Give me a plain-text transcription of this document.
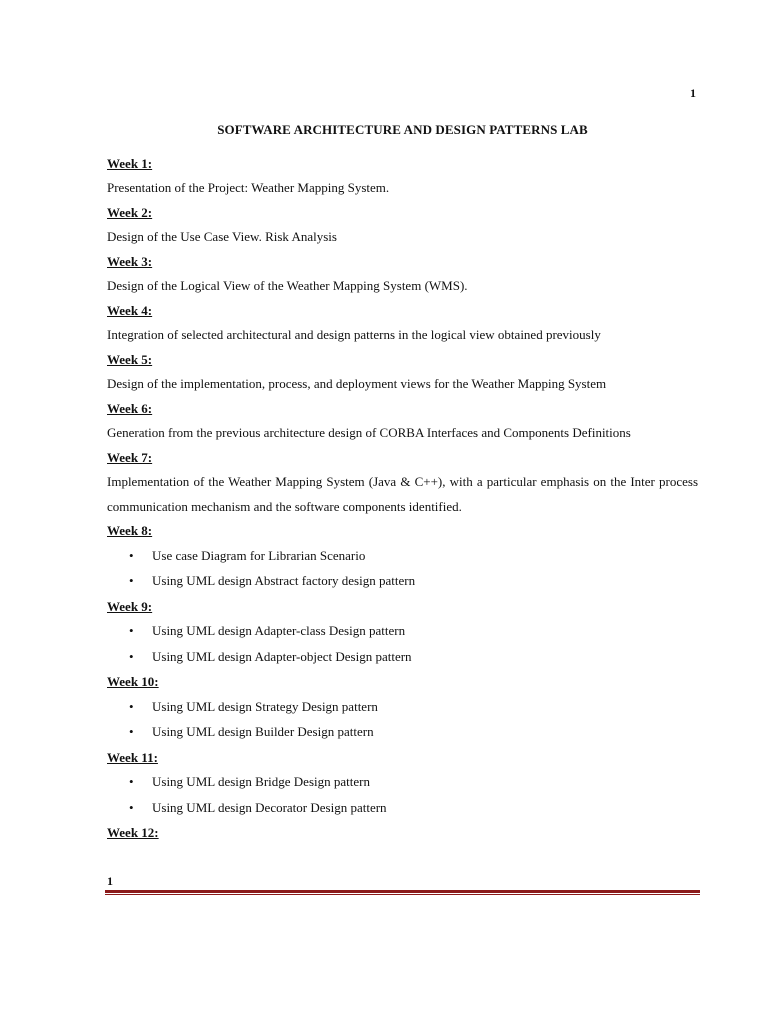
1
SOFTWARE ARCHITECTURE AND DESIGN PATTERNS LAB
Week 1:
Presentation of the Project: Weather Mapping System.
Week 2:
Design of the Use Case View. Risk Analysis
Week 3:
Design of the Logical View of the Weather Mapping System (WMS).
Week 4:
Integration of selected architectural and design patterns in the logical view obtained previously
Week 5:
Design of the implementation, process, and deployment views for the Weather Mapping System
Week 6:
Generation from the previous architecture design of CORBA Interfaces and Components Definitions
Week 7:
Implementation of the Weather Mapping System (Java & C++), with a particular emphasis on the Inter process communication mechanism and the software components identified.
Week 8:
• Use case Diagram for Librarian Scenario
• Using UML design Abstract factory design pattern
Week 9:
• Using UML design Adapter-class Design pattern
• Using UML design Adapter-object Design pattern
Week 10:
• Using UML design Strategy Design pattern
• Using UML design Builder Design pattern
Week 11:
• Using UML design Bridge Design pattern
• Using UML design Decorator Design pattern
Week 12:
1
